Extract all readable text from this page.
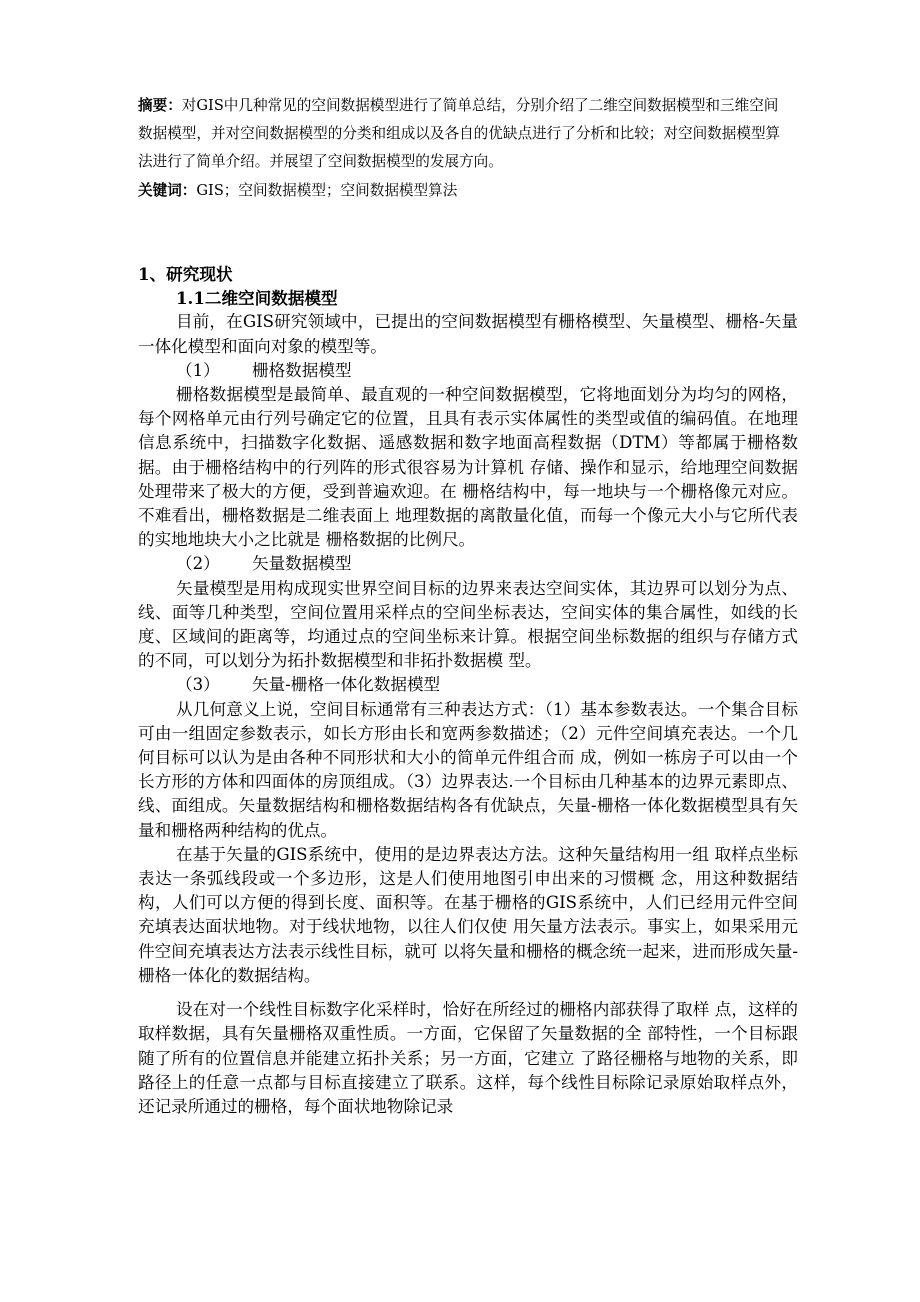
摘要：对GIS中几种常见的空间数据模型进行了简单总结，分别介绍了二维空间数据模型和三维空间数据模型，并对空间数据模型的分类和组成以及各自的优缺点进行了分析和比较；对空间数据模型算法进行了简单介绍。并展望了空间数据模型的发展方向。
关键词：GIS；空间数据模型；空间数据模型算法

1、研究现状

1.1二维空间数据模型

目前，在GIS研究领域中，已提出的空间数据模型有栅格模型、矢量模型、栅格-矢量一体化模型和面向对象的模型等。

（1） 栅格数据模型

栅格数据模型是最简单、最直观的一种空间数据模型，它将地面划分为均匀的网格，每个网格单元由行列号确定它的位置，且具有表示实体属性的类型或值的编码值。在地理信息系统中，扫描数字化数据、遥感数据和数字地面高程数据（DTM）等都属于栅格数据。由于栅格结构中的行列阵的形式很容易为计算机 存储、操作和显示，给地理空间数据处理带来了极大的方便，受到普遍欢迎。在 栅格结构中，每一地块与一个栅格像元对应。不难看出，栅格数据是二维表面上 地理数据的离散量化值，而每一个像元大小与它所代表的实地地块大小之比就是 栅格数据的比例尺。

（2） 矢量数据模型

矢量模型是用构成现实世界空间目标的边界来表达空间实体，其边界可以划分为点、线、面等几种类型，空间位置用采样点的空间坐标表达，空间实体的集合属性，如线的长度、区域间的距离等，均通过点的空间坐标来计算。根据空间坐标数据的组织与存储方式的不同，可以划分为拓扑数据模型和非拓扑数据模 型。

（3） 矢量-栅格一体化数据模型

从几何意义上说，空间目标通常有三种表达方式：（1）基本参数表达。一个集合目标可由一组固定参数表示，如长方形由长和宽两参数描述；（2）元件空间填充表达。一个几何目标可以认为是由各种不同形状和大小的简单元件组合而 成，例如一栋房子可以由一个长方形的方体和四面体的房顶组成。（3）边界表达.一个目标由几种基本的边界元素即点、线、面组成。矢量数据结构和栅格数据结构各有优缺点，矢量-栅格一体化数据模型具有矢量和栅格两种结构的优点。

在基于矢量的GIS系统中，使用的是边界表达方法。这种矢量结构用一组 取样点坐标表达一条弧线段或一个多边形，这是人们使用地图引申出来的习惯概 念，用这种数据结构，人们可以方便的得到长度、面积等。在基于栅格的GIS系统中，人们已经用元件空间充填表达面状地物。对于线状地物，以往人们仅使 用矢量方法表示。事实上，如果采用元件空间充填表达方法表示线性目标，就可 以将矢量和栅格的概念统一起来，进而形成矢量-栅格一体化的数据结构。

设在对一个线性目标数字化采样时，恰好在所经过的栅格内部获得了取样 点，这样的取样数据，具有矢量栅格双重性质。一方面，它保留了矢量数据的全 部特性，一个目标跟随了所有的位置信息并能建立拓扑关系；另一方面，它建立 了路径栅格与地物的关系，即路径上的任意一点都与目标直接建立了联系。这样，每个线性目标除记录原始取样点外，还记录所通过的栅格，每个面状地物除记录
